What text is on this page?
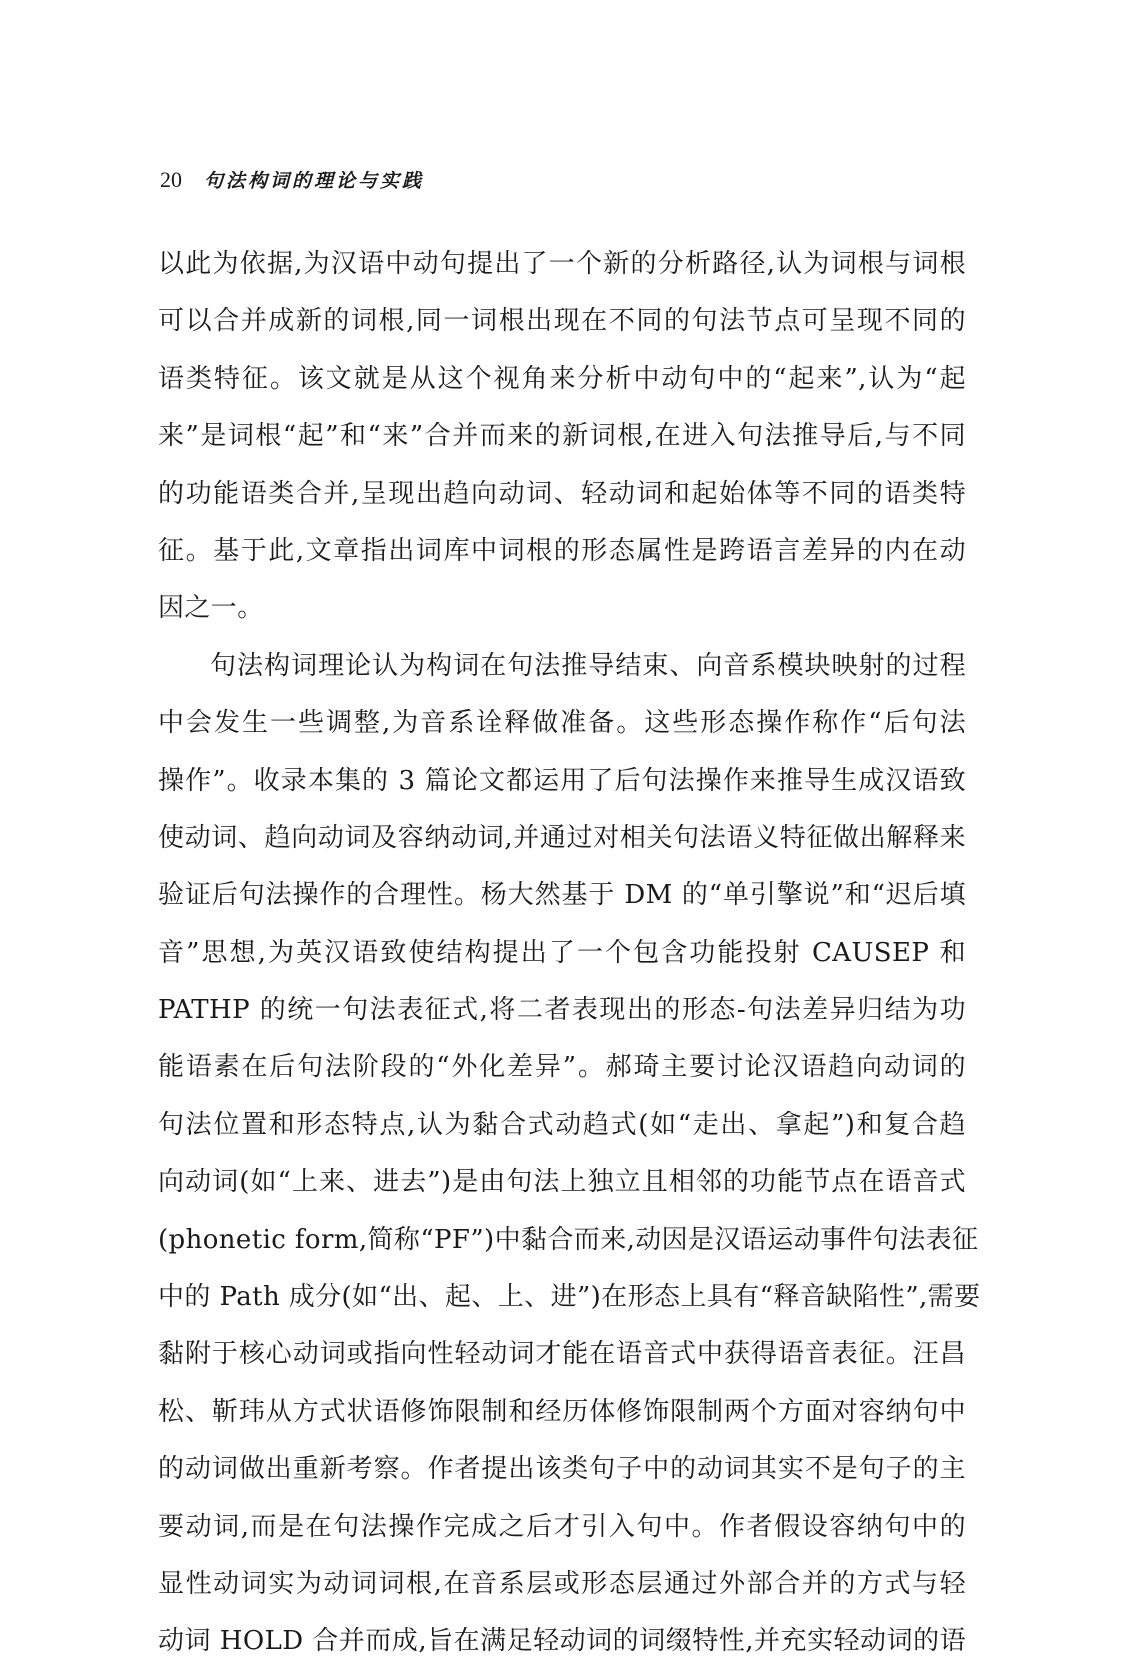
20 句法构词的理论与实践
以此为依据,为汉语中动句提出了一个新的分析路径,认为词根与词根
可以合并成新的词根,同一词根出现在不同的句法节点可呈现不同的
语类特征。该文就是从这个视角来分析中动句中的“起来”,认为“起
来”是词根“起”和“来”合并而来的新词根,在进入句法推导后,与不同
的功能语类合并,呈现出趋向动词、轻动词和起始体等不同的语类特
征。基于此,文章指出词库中词根的形态属性是跨语言差异的内在动
因之一。
句法构词理论认为构词在句法推导结束、向音系模块映射的过程
中会发生一些调整,为音系诠释做准备。这些形态操作称作“后句法
操作”。收录本集的 3 篇论文都运用了后句法操作来推导生成汉语致
使动词、趋向动词及容纳动词,并通过对相关句法语义特征做出解释来
验证后句法操作的合理性。杨大然基于 DM 的“单引擎说”和“迟后填
音”思想,为英汉语致使结构提出了一个包含功能投射 CAUSEP 和
PATHP 的统一句法表征式,将二者表现出的形态-句法差异归结为功
能语素在后句法阶段的“外化差异”。郝琦主要讨论汉语趋向动词的
句法位置和形态特点,认为黏合式动趋式(如“走出、拿起”)和复合趋
向动词(如“上来、进去”)是由句法上独立且相邻的功能节点在语音式
(phonetic form,简称“PF”)中黏合而来,动因是汉语运动事件句法表征
中的 Path 成分(如“出、起、上、进”)在形态上具有“释音缺陷性”,需要
黏附于核心动词或指向性轻动词才能在语音式中获得语音表征。汪昌
松、靳玮从方式状语修饰限制和经历体修饰限制两个方面对容纳句中
的动词做出重新考察。作者提出该类句子中的动词其实不是句子的主
要动词,而是在句法操作完成之后才引入句中。作者假设容纳句中的
显性动词实为动词词根,在音系层或形态层通过外部合并的方式与轻
动词 HOLD 合并而成,旨在满足轻动词的词缀特性,并充实轻动词的语
